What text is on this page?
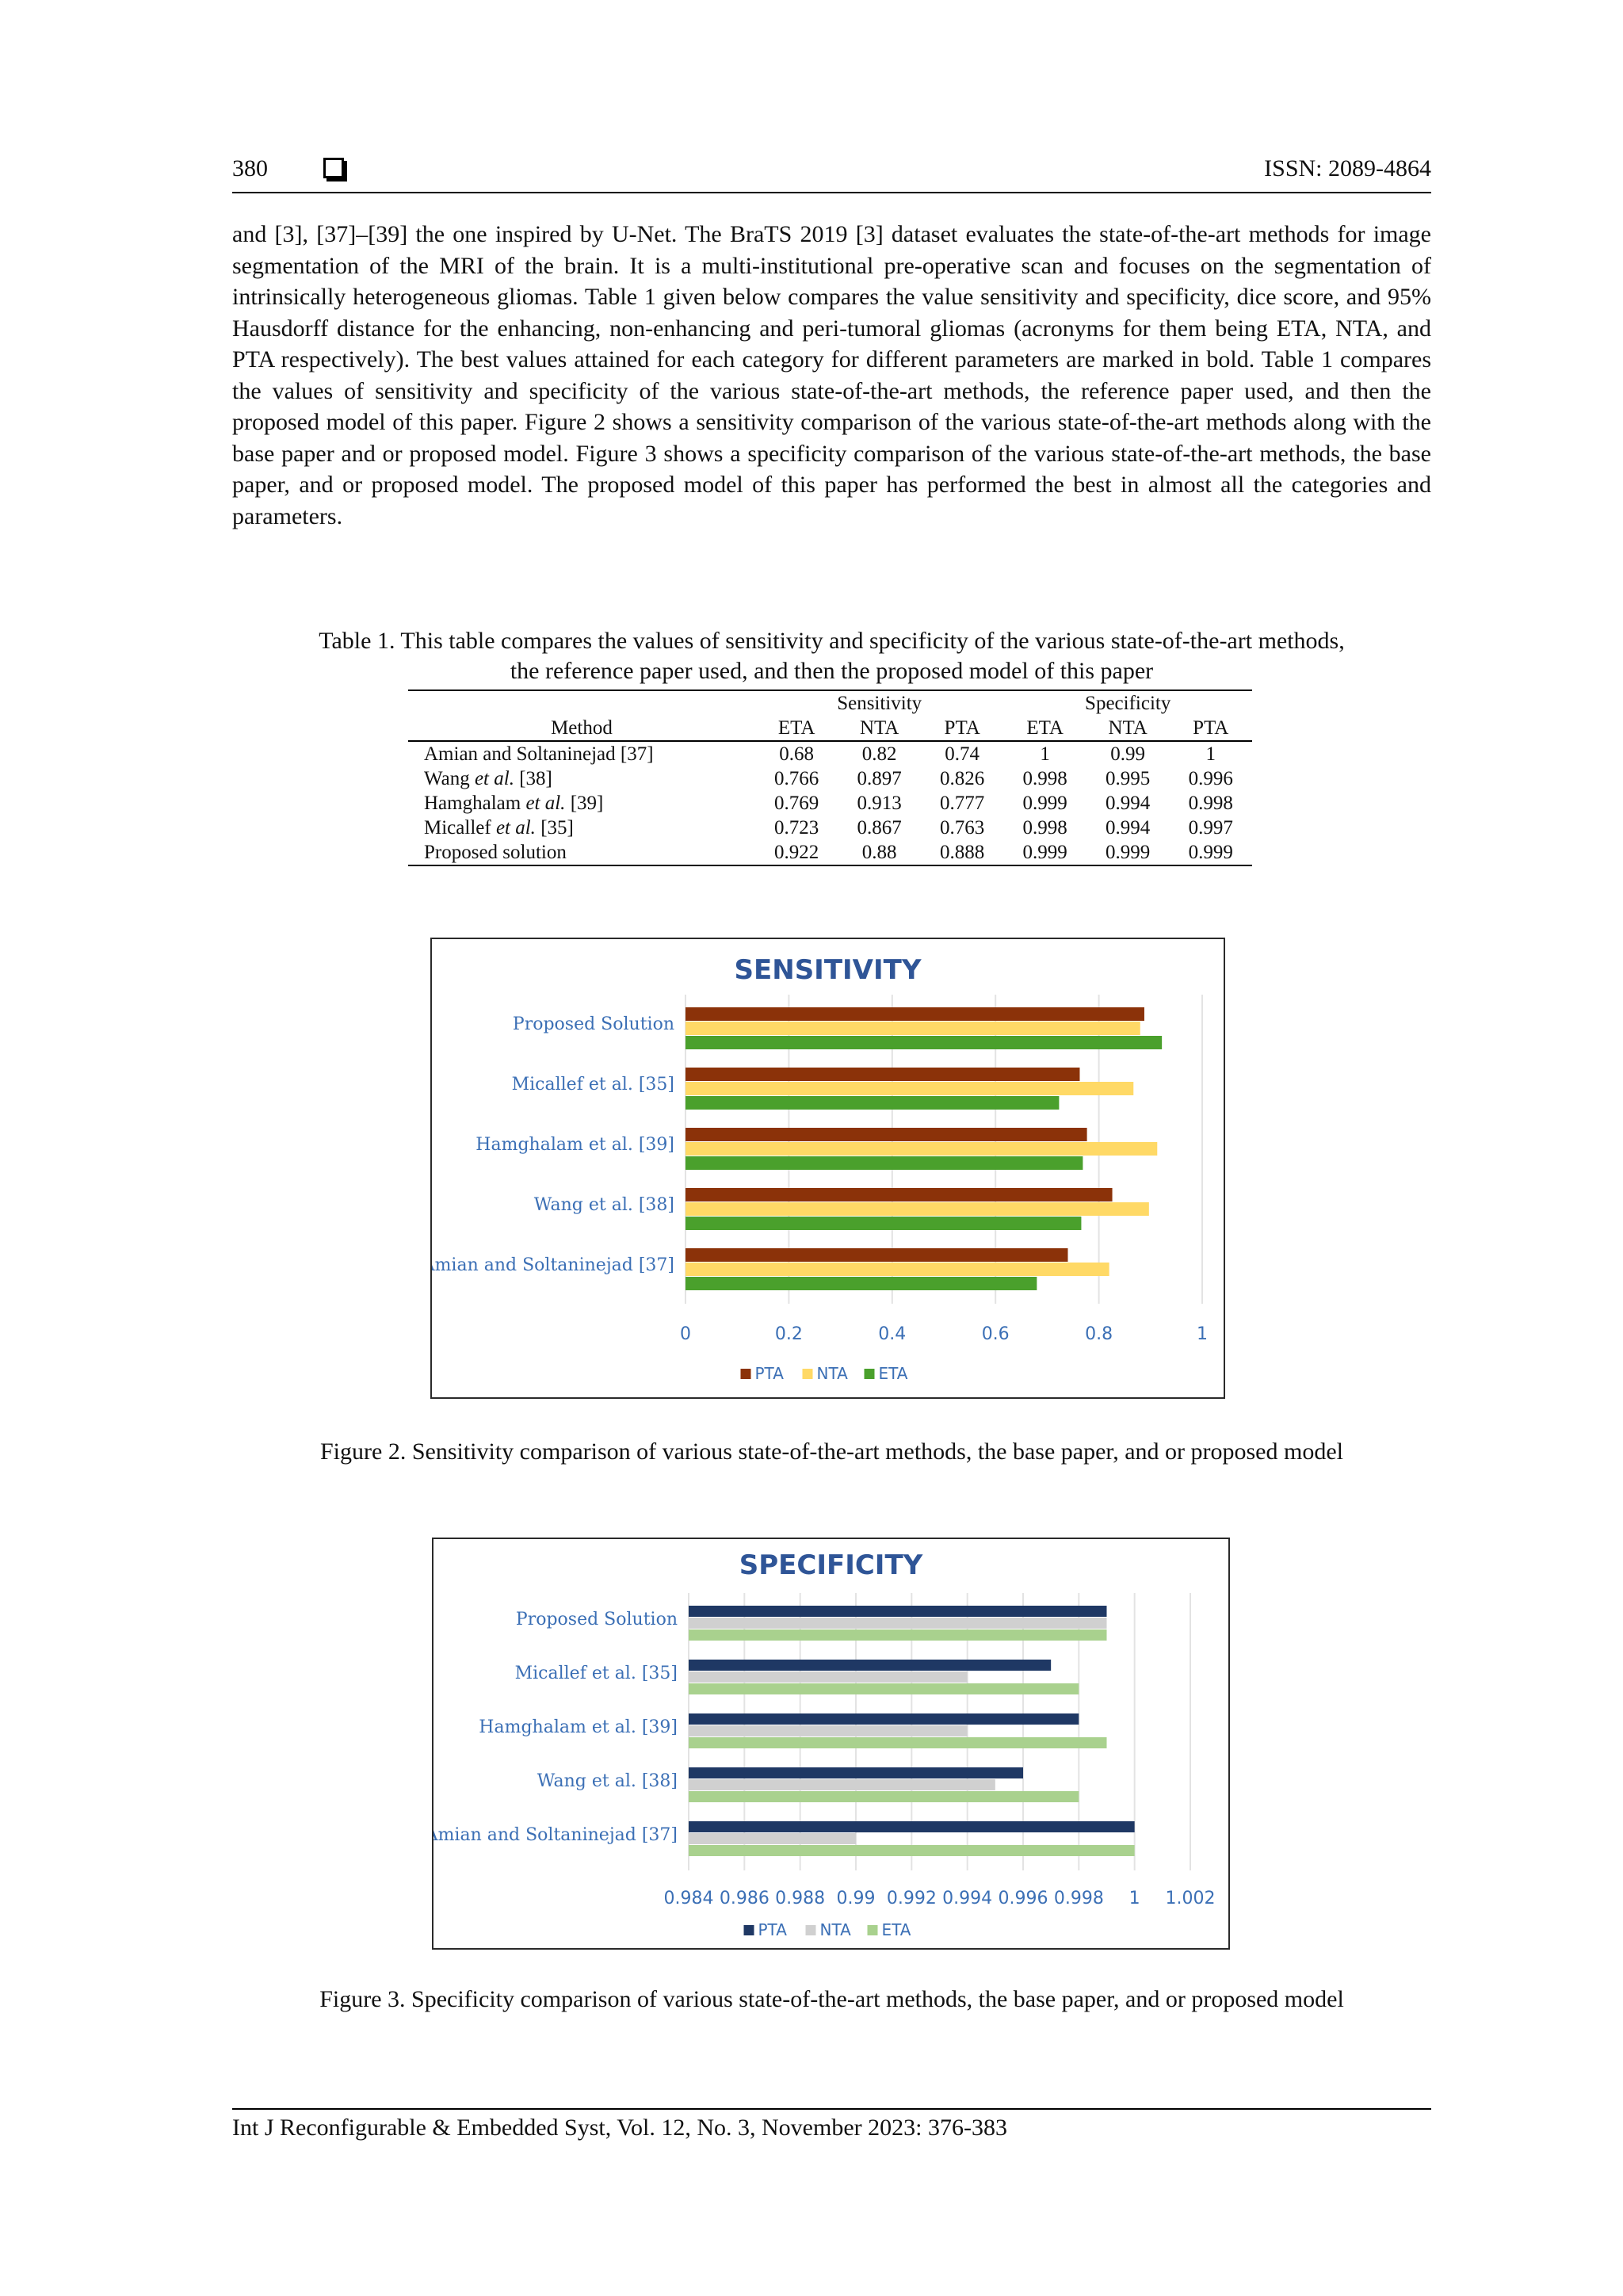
380	ISSN: 2089-4864
and [3], [37]–[39] the one inspired by U-Net. The BraTS 2019 [3] dataset evaluates the state-of-the-art methods for image segmentation of the MRI of the brain. It is a multi-institutional pre-operative scan and focuses on the segmentation of intrinsically heterogeneous gliomas. Table 1 given below compares the value sensitivity and specificity, dice score, and 95% Hausdorff distance for the enhancing, non-enhancing and peri-tumoral gliomas (acronyms for them being ETA, NTA, and PTA respectively). The best values attained for each category for different parameters are marked in bold. Table 1 compares the values of sensitivity and specificity of the various state-of-the-art methods, the reference paper used, and then the proposed model of this paper. Figure 2 shows a sensitivity comparison of the various state-of-the-art methods along with the base paper and or proposed model. Figure 3 shows a specificity comparison of the various state-of-the-art methods, the base paper, and or proposed model. The proposed model of this paper has performed the best in almost all the categories and parameters.
Table 1. This table compares the values of sensitivity and specificity of the various state-of-the-art methods,
the reference paper used, and then the proposed model of this paper
	Sensitivity			Specificity		
Method	ETA	NTA	PTA	ETA	NTA	PTA
Amian and Soltaninejad [37]	0.68	0.82	0.74	1	0.99	1
Wang et al. [38]	0.766	0.897	0.826	0.998	0.995	0.996
Hamghalam et al. [39]	0.769	0.913	0.777	0.999	0.994	0.998
Micallef et al. [35]	0.723	0.867	0.763	0.998	0.994	0.997
Proposed solution	0.922	0.88	0.888	0.999	0.999	0.999
SENSITIVITY
0	0.2	0.4	0.6	0.8	1
Proposed Solution
Micallef et al. [35]
Hamghalam et al. [39]
Wang et al. [38]
Amian and Soltaninejad [37]
PTA NTA ETA
Figure 2. Sensitivity comparison of various state-of-the-art methods, the base paper, and or proposed model
SPECIFICITY
0.984 0.986 0.988 0.99 0.992 0.994 0.996 0.998 1 1.002
Proposed Solution
Micallef et al. [35]
Hamghalam et al. [39]
Wang et al. [38]
Amian and Soltaninejad [37]
PTA NTA ETA
Figure 3. Specificity comparison of various state-of-the-art methods, the base paper, and or proposed model
Int J Reconfigurable & Embedded Syst, Vol. 12, No. 3, November 2023: 376-383
